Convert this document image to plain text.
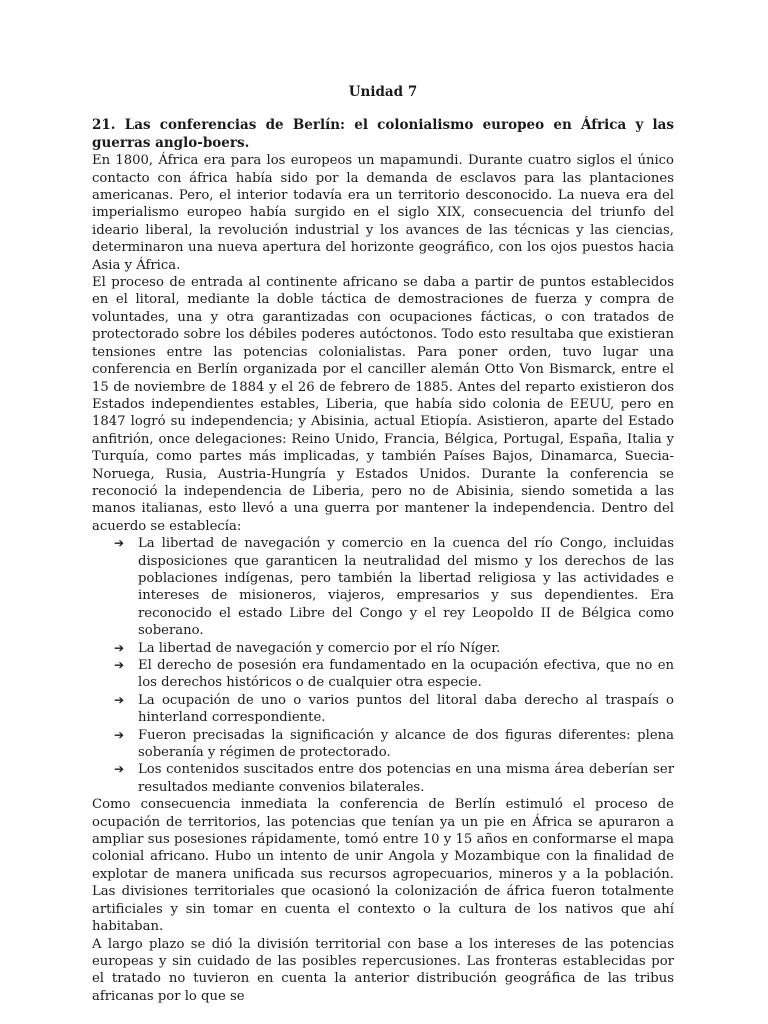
Unidad 7
21. Las conferencias de Berlín: el colonialismo europeo en África y las guerras anglo-boers.

En 1800, África era para los europeos un mapamundi. Durante cuatro siglos el único contacto con áfrica había sido por la demanda de esclavos para las plantaciones americanas. Pero, el interior todavía era un territorio desconocido. La nueva era del imperialismo europeo había surgido en el siglo XIX, consecuencia del triunfo del ideario liberal, la revolución industrial y los avances de las técnicas y las ciencias, determinaron una nueva apertura del horizonte geográfico, con los ojos puestos hacia Asia y África.

El proceso de entrada al continente africano se daba a partir de puntos establecidos en el litoral, mediante la doble táctica de demostraciones de fuerza y compra de voluntades, una y otra garantizadas con ocupaciones fácticas, o con tratados de protectorado sobre los débiles poderes autóctonos. Todo esto resultaba que existieran tensiones entre las potencias colonialistas. Para poner orden, tuvo lugar una conferencia en Berlín organizada por el canciller alemán Otto Von Bismarck, entre el 15 de noviembre de 1884 y el 26 de febrero de 1885. Antes del reparto existieron dos Estados independientes estables, Liberia, que había sido colonia de EEUU, pero en 1847 logró su independencia; y Abisinia, actual Etiopía. Asistieron, aparte del Estado anfitrión, once delegaciones: Reino Unido, Francia, Bélgica, Portugal, España, Italia y Turquía, como partes más implicadas, y también Países Bajos, Dinamarca, Suecia-Noruega, Rusia, Austria-Hungría y Estados Unidos. Durante la conferencia se reconoció la independencia de Liberia, pero no de Abisinia, siendo sometida a las manos italianas, esto llevó a una guerra por mantener la independencia. Dentro del acuerdo se establecía:

➔ La libertad de navegación y comercio en la cuenca del río Congo, incluidas disposiciones que garanticen la neutralidad del mismo y los derechos de las poblaciones indígenas, pero también la libertad religiosa y las actividades e intereses de misioneros, viajeros, empresarios y sus dependientes. Era reconocido el estado Libre del Congo y el rey Leopoldo II de Bélgica como soberano.
➔ La libertad de navegación y comercio por el río Níger.
➔ El derecho de posesión era fundamentado en la ocupación efectiva, que no en los derechos históricos o de cualquier otra especie.
➔ La ocupación de uno o varios puntos del litoral daba derecho al traspaís o hinterland correspondiente.
➔ Fueron precisadas la significación y alcance de dos figuras diferentes: plena soberanía y régimen de protectorado.
➔ Los contenidos suscitados entre dos potencias en una misma área deberían ser resultados mediante convenios bilaterales.

Como consecuencia inmediata la conferencia de Berlín estimuló el proceso de ocupación de territorios, las potencias que tenían ya un pie en África se apuraron a ampliar sus posesiones rápidamente, tomó entre 10 y 15 años en conformarse el mapa colonial africano. Hubo un intento de unir Angola y Mozambique con la finalidad de explotar de manera unificada sus recursos agropecuarios, mineros y a la población. Las divisiones territoriales que ocasionó la colonización de áfrica fueron totalmente artificiales y sin tomar en cuenta el contexto o la cultura de los nativos que ahí habitaban.

A largo plazo se dió la división territorial con base a los intereses de las potencias europeas y sin cuidado de las posibles repercusiones. Las fronteras establecidas por el tratado no tuvieron en cuenta la anterior distribución geográfica de las tribus africanas por lo que se
